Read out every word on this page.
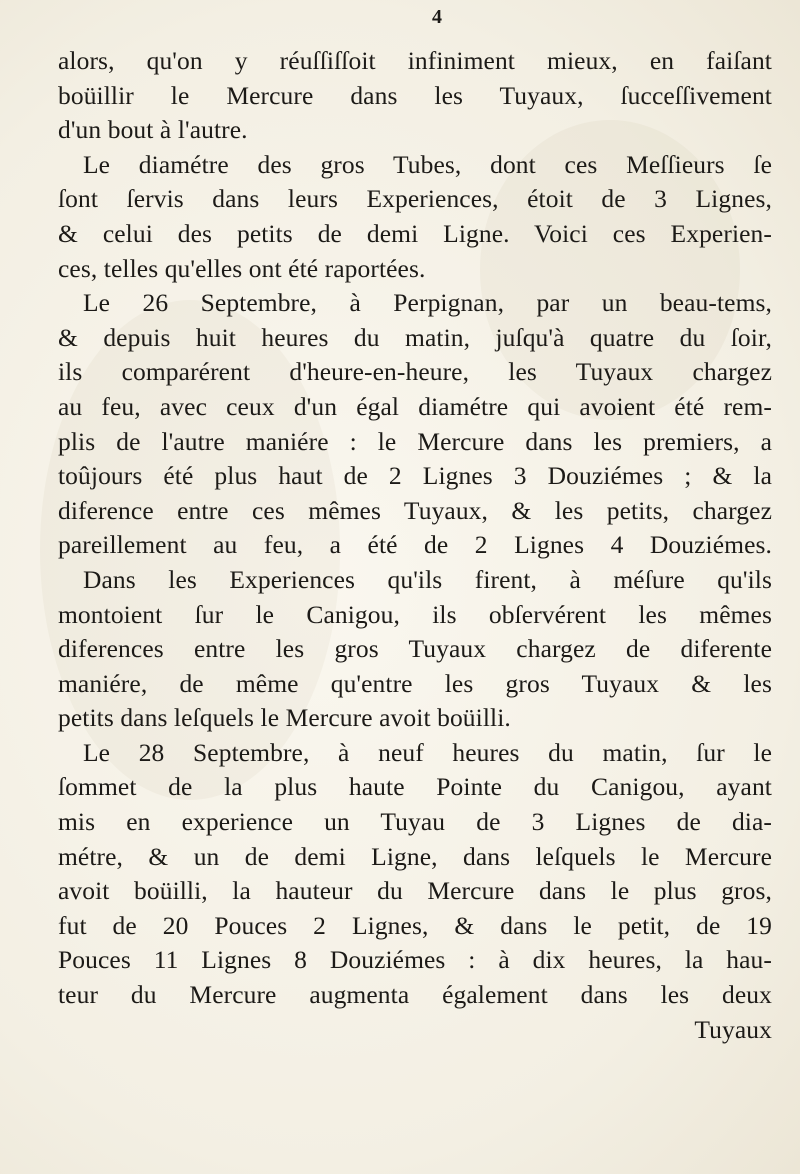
4
alors, qu'on y réuſſiſſoit infiniment mieux, en faiſant
boüillir le Mercure dans les Tuyaux, ſucceſſivement
d'un bout à l'autre.
Le diamétre des gros Tubes, dont ces Meſſieurs ſe
ſont ſervis dans leurs Experiences, étoit de 3 Lignes,
& celui des petits de demi Ligne. Voici ces Experien-
ces, telles qu'elles ont été raportées.
Le 26 Septembre, à Perpignan, par un beau-tems,
& depuis huit heures du matin, juſqu'à quatre du ſoir,
ils comparérent d'heure-en-heure, les Tuyaux chargez
au feu, avec ceux d'un égal diamétre qui avoient été rem-
plis de l'autre maniére : le Mercure dans les premiers, a
toûjours été plus haut de 2 Lignes 3 Douziémes ; & la
diference entre ces mêmes Tuyaux, & les petits, chargez
pareillement au feu, a été de 2 Lignes 4 Douziémes.
Dans les Experiences qu'ils firent, à méſure qu'ils
montoient ſur le Canigou, ils obſervérent les mêmes
diferences entre les gros Tuyaux chargez de diferente
maniére, de même qu'entre les gros Tuyaux & les
petits dans leſquels le Mercure avoit boüilli.
Le 28 Septembre, à neuf heures du matin, ſur le
ſommet de la plus haute Pointe du Canigou, ayant
mis en experience un Tuyau de 3 Lignes de dia-
métre, & un de demi Ligne, dans leſquels le Mercure
avoit boüilli, la hauteur du Mercure dans le plus gros,
fut de 20 Pouces 2 Lignes, & dans le petit, de 19
Pouces 11 Lignes 8 Douziémes : à dix heures, la hau-
teur du Mercure augmenta également dans les deux
Tuyaux
